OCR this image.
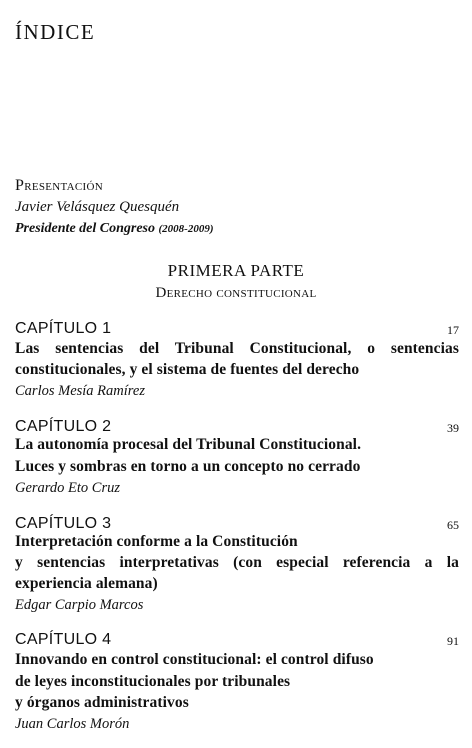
ÍNDICE
Presentación
Javier Velásquez Quesquén
Presidente del Congreso (2008-2009)
PRIMERA PARTE
Derecho constitucional
CAPÍTULO 1	17
Las sentencias del Tribunal Constitucional, o sentencias
constitucionales, y el sistema de fuentes del derecho
Carlos Mesía Ramírez
CAPÍTULO 2	39
La autonomía procesal del Tribunal Constitucional.
Luces y sombras en torno a un concepto no cerrado
Gerardo Eto Cruz
CAPÍTULO 3	65
Interpretación conforme a la Constitución
y sentencias interpretativas (con especial referencia a la
experiencia alemana)
Edgar Carpio Marcos
CAPÍTULO 4	91
Innovando en control constitucional: el control difuso
de leyes inconstitucionales por tribunales
y órganos administrativos
Juan Carlos Morón
